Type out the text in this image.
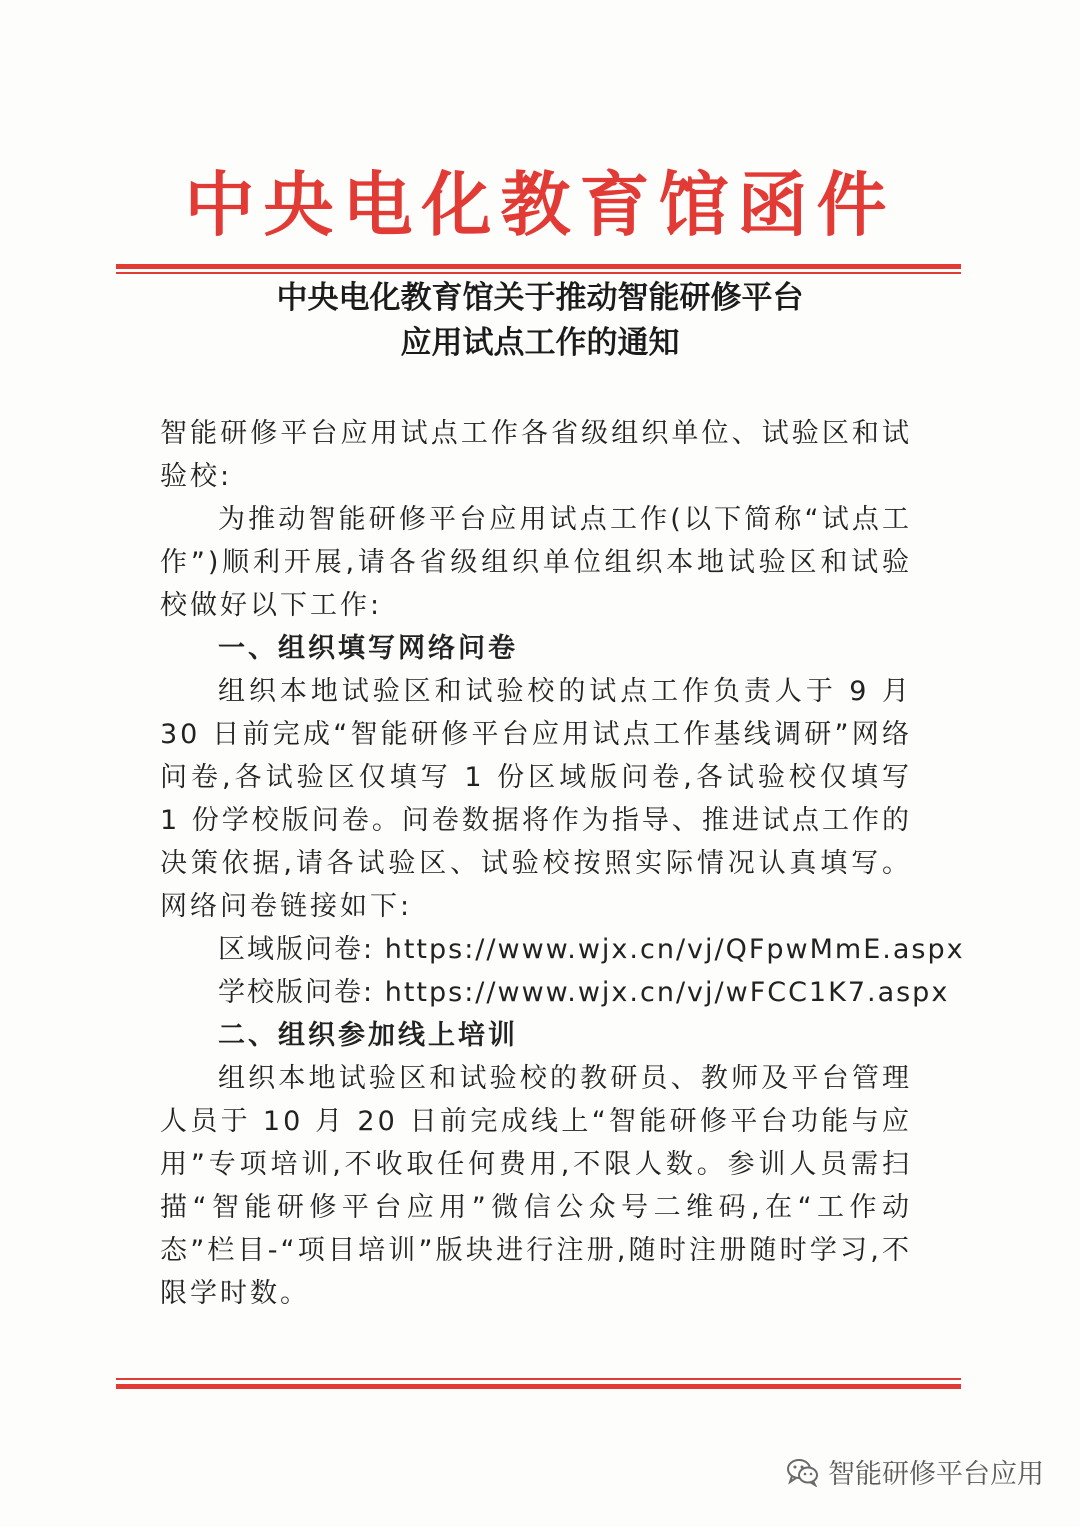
中央电化教育馆函件
中央电化教育馆关于推动智能研修平台
应用试点工作的通知

智能研修平台应用试点工作各省级组织单位、试验区和试验校:

为推动智能研修平台应用试点工作(以下简称“试点工作”)顺利开展,请各省级组织单位组织本地试验区和试验校做好以下工作:

一、组织填写网络问卷

组织本地试验区和试验校的试点工作负责人于 9 月 30 日前完成“智能研修平台应用试点工作基线调研”网络问卷,各试验区仅填写 1 份区域版问卷,各试验校仅填写 1 份学校版问卷。问卷数据将作为指导、推进试点工作的决策依据,请各试验区、试验校按照实际情况认真填写。网络问卷链接如下:

区域版问卷: https://www.wjx.cn/vj/QFpwMmE.aspx

学校版问卷: https://www.wjx.cn/vj/wFCC1K7.aspx

二、组织参加线上培训

组织本地试验区和试验校的教研员、教师及平台管理人员于 10 月 20 日前完成线上“智能研修平台功能与应用”专项培训,不收取任何费用,不限人数。参训人员需扫描“智能研修平台应用”微信公众号二维码,在“工作动态”栏目-“项目培训”版块进行注册,随时注册随时学习,不限学时数。

智能研修平台应用
